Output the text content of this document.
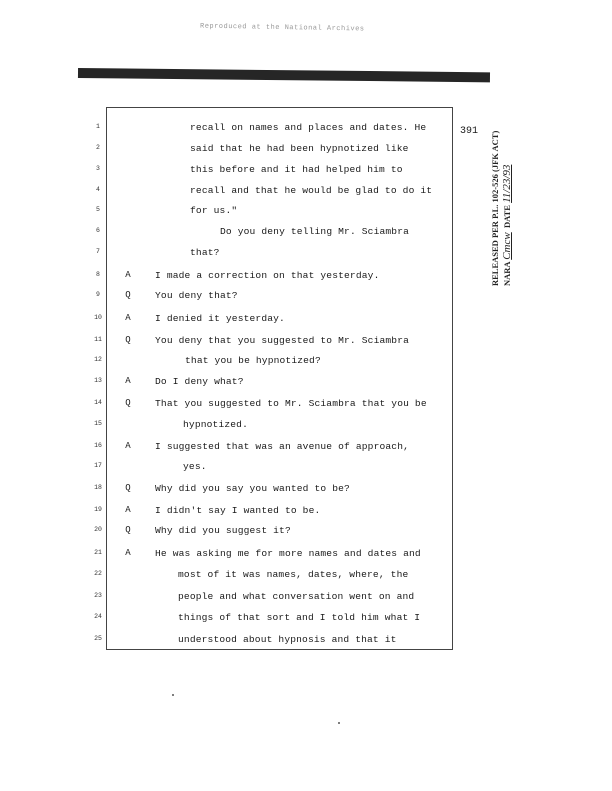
Reproduced at the National Archives
391 RELEASED PER P.L. 102-526 (JFK ACT) NARA Cmcw  DATE 11/23/93
1	recall on names and places and dates. He
2	said that he had been hypnotized like
3	this before and it had helped him to
4	recall and that he would be glad to do it
5	for us."
6	Do you deny telling Mr. Sciambra
7	that?
8	A	I made a correction on that yesterday.
9	Q	You deny that?
10	A	I denied it yesterday.
11	Q	You deny that you suggested to Mr. Sciambra
12	that you be hypnotized?
13	A	Do I deny what?
14	Q	That you suggested to Mr. Sciambra that you be
15	hypnotized.
16	A	I suggested that was an avenue of approach,
17	yes.
18	Q	Why did you say you wanted to be?
19	A	I didn't say I wanted to be.
20	Q	Why did you suggest it?
21	A	He was asking me for more names and dates and
22	most of it was names, dates, where, the
23	people and what conversation went on and
24	things of that sort and I told him what I
25	understood about hypnosis and that it
